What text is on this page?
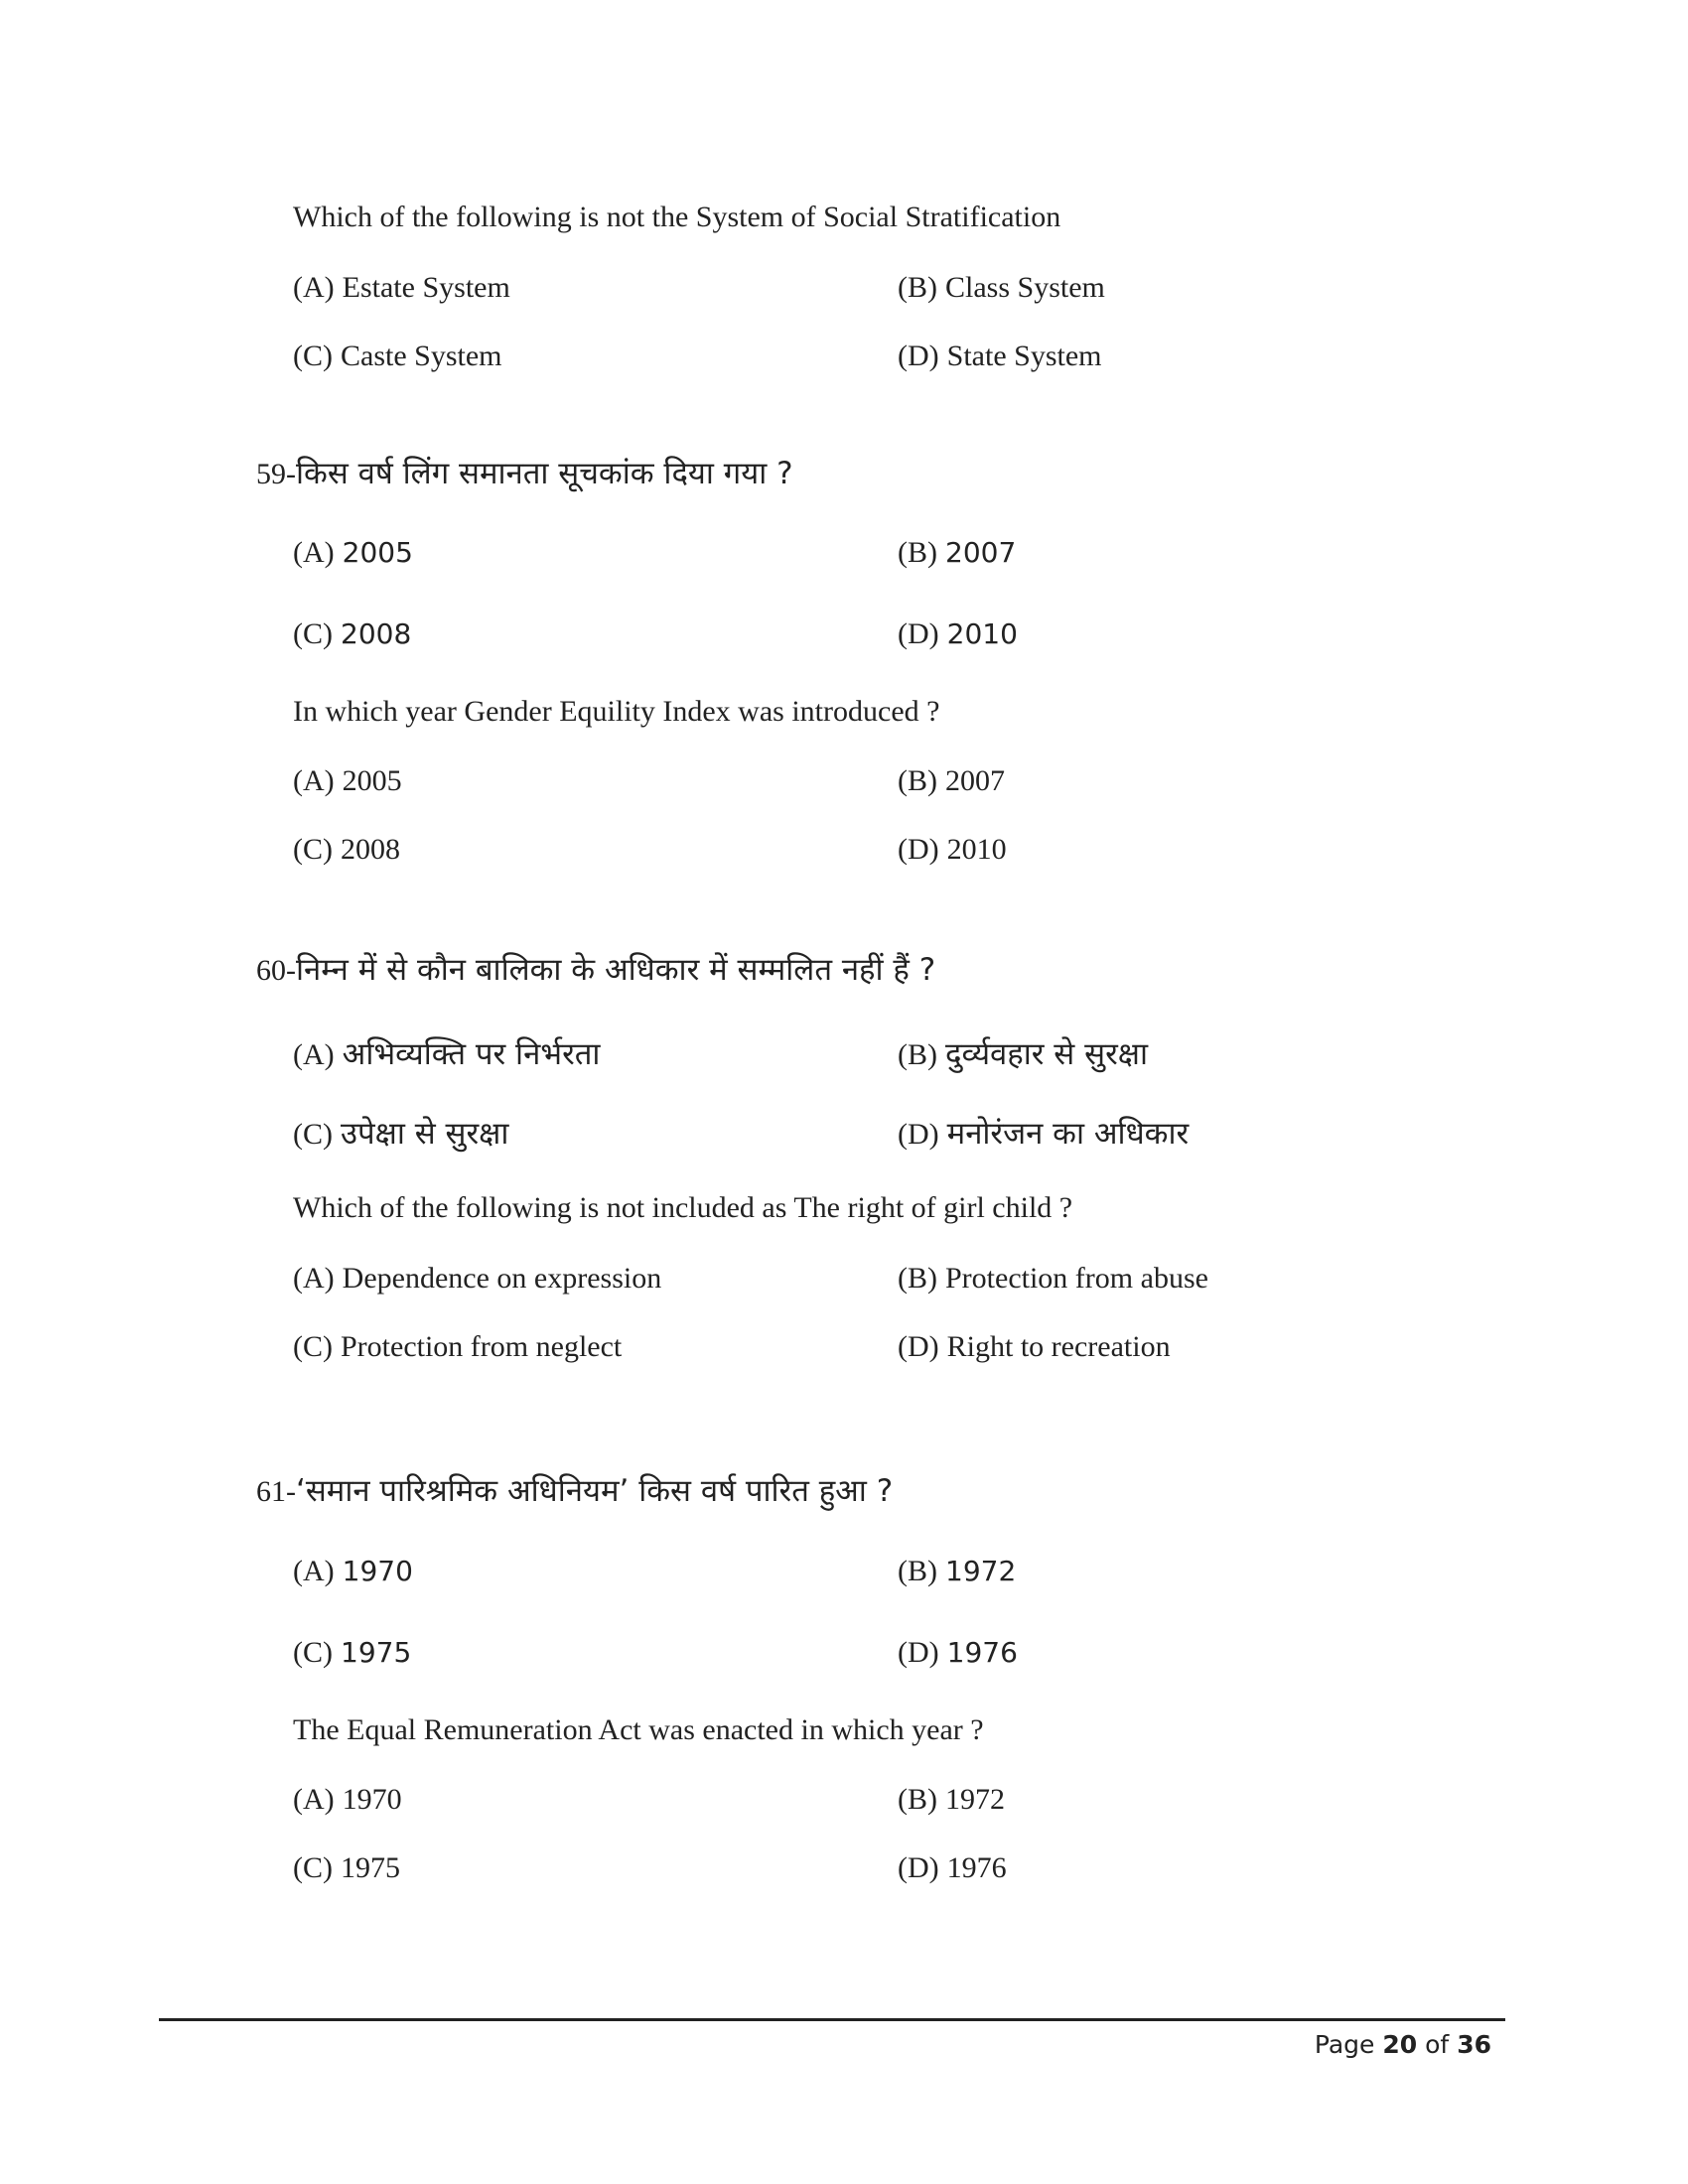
Which of the following is not the System of Social Stratification
(A) Estate System	(B) Class System
(C) Caste System	(D) State System
59-किस वर्ष लिंग समानता सूचकांक दिया गया ?
(A) 2005	(B) 2007
(C) 2008	(D) 2010
In which year Gender Equility Index was introduced ?
(A) 2005	(B) 2007
(C) 2008	(D) 2010
60-निम्न में से कौन बालिका के अधिकार में सम्मलित नहीं हैं ?
(A) अभिव्यक्ति पर निर्भरता	(B) दुर्व्यवहार से सुरक्षा
(C) उपेक्षा से सुरक्षा	(D) मनोरंजन का अधिकार
Which of the following is not included as The right of girl child ?
(A) Dependence on expression	(B) Protection from abuse
(C) Protection from neglect	(D) Right to recreation
61-‘समान पारिश्रमिक अधिनियम’ किस वर्ष पारित हुआ ?
(A) 1970	(B) 1972
(C) 1975	(D) 1976
The Equal Remuneration Act was enacted in which year ?
(A) 1970	(B) 1972
(C) 1975	(D) 1976
Page 20 of 36
